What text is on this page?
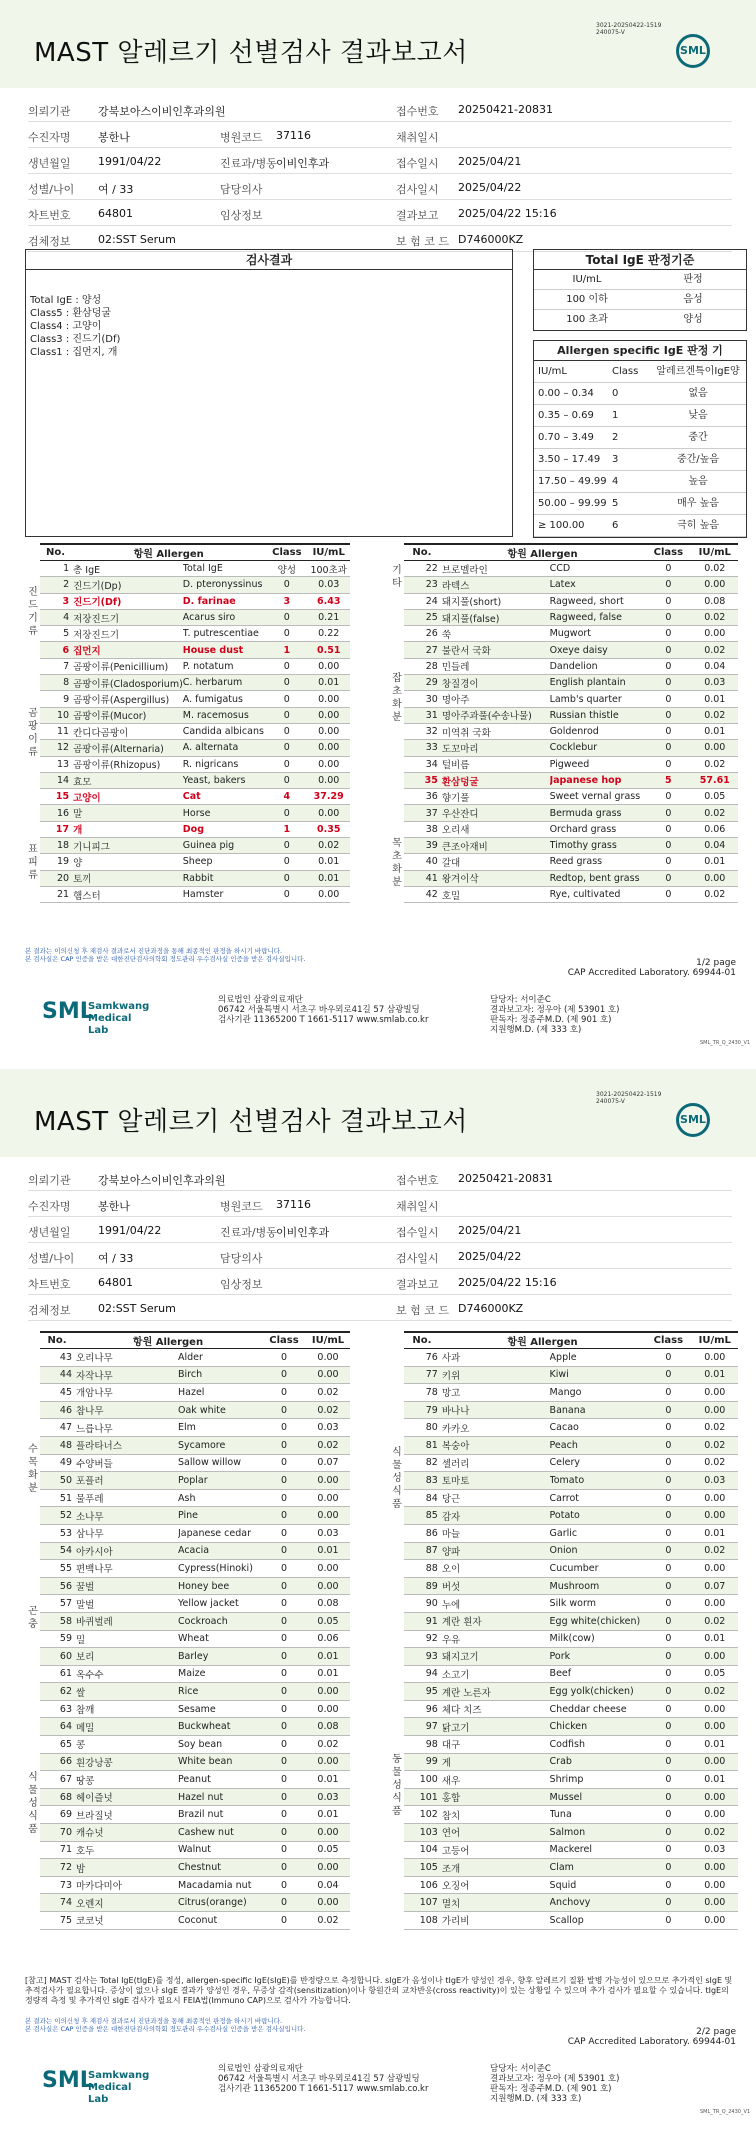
MAST 알레르기 선별검사 결과보고서
3021-20250422-1519
240075-V
SML
의뢰기관 강북보아스이비인후과의원	접수번호 20250421-20831
수진자명 봉한나	병원코드 37116	채취일시
생년월일 1991/04/22	진료과/병동 이비인후과	접수일시 2025/04/21
성별/나이 여 / 33	담당의사	검사일시 2025/04/22
차트번호 64801	임상정보	결과보고 2025/04/22 15:16
검체정보 02:SST Serum	보 험 코 드 D746000KZ
검사결과
Total IgE : 양성
Class5 : 환삼덩굴
Class4 : 고양이
Class3 : 진드기(Df)
Class1 : 집먼지, 개
Total IgE 판정기준
IU/mL	판정
100 이하	음성
100 초과	양성
Allergen specific IgE 판정 기
IU/mL	Class	알레르겐특이IgE양
0.00 – 0.34	0	없음
0.35 – 0.69	1	낮음
0.70 – 3.49	2	중간
3.50 – 17.49	3	중간/높음
17.50 – 49.99 4	높음
50.00 – 99.99 5	매우 높음
≥ 100.00	6	극히 높음
No.	항원 Allergen		Class	IU/mL
1	총 IgE	Total IgE	양성	100초과
2	진드기(Dp)	D. pteronyssinus	0	0.03
3	진드기(Df)	D. farinae	3	6.43
4	저장진드기	Acarus siro	0	0.21
5	저장진드기	T. putrescentiae	0	0.22
6	집먼지	House dust	1	0.51
7	곰팡이류(Penicillium)	P. notatum	0	0.00
8	곰팡이류(Cladosporium)	C. herbarum	0	0.01
9	곰팡이류(Aspergillus)	A. fumigatus	0	0.00
10	곰팡이류(Mucor)	M. racemosus	0	0.00
11	칸디다곰팡이	Candida albicans	0	0.00
12	곰팡이류(Alternaria)	A. alternata	0	0.00
13	곰팡이류(Rhizopus)	R. nigricans	0	0.00
14	효모	Yeast, bakers	0	0.00
15	고양이	Cat	4	37.29
16	말	Horse	0	0.00
17	개	Dog	1	0.35
18	기니피그	Guinea pig	0	0.02
19	양	Sheep	0	0.01
20	토끼	Rabbit	0	0.01
21	햄스터	Hamster	0	0.00
진
드
기
류
곰
팡
이
류
표
피
류
No.	항원 Allergen		Class	IU/mL
22	브로멜라인	CCD	0	0.02
23	라텍스	Latex	0	0.00
24	돼지풀(short)	Ragweed, short	0	0.08
25	돼지풀(false)	Ragweed, false	0	0.02
26	쑥	Mugwort	0	0.00
27	불란서 국화	Oxeye daisy	0	0.02
28	민들레	Dandelion	0	0.04
29	창질경이	English plantain	0	0.03
30	명아주	Lamb's quarter	0	0.01
31	명아주과풀(수송나물)	Russian thistle	0	0.02
32	미역취 국화	Goldenrod	0	0.01
33	도꼬마리	Cocklebur	0	0.00
34	털비름	Pigweed	0	0.02
35	환삼덩굴	Japanese hop	5	57.61
36	향기풀	Sweet vernal grass	0	0.05
37	우산잔디	Bermuda grass	0	0.02
38	오리새	Orchard grass	0	0.06
39	큰조아재비	Timothy grass	0	0.04
40	갈대	Reed grass	0	0.01
41	왕겨이삭	Redtop, bent grass	0	0.00
42	호밀	Rye, cultivated	0	0.02
기
타
잡
초
화
분
목
초
화
분
본 결과는 이의신청 후 재검사 결과로서 진단과정을 통해 최종적인 판정을 하시기 바랍니다.
본 검사실은 CAP 인증을 받은 대한진단검사의학회 정도관리 우수검사실 인증을 받은 검사실입니다.	1/2 page
CAP Accredited Laboratory. 69944-01
SML
Samkwang
Medical Lab
의료법인 삼광의료재단
06742 서울특별시 서초구 바우뫼로41길 57 삼광빌딩
검사기관 11365200 T 1661-5117 www.smlab.co.kr
담당자: 서이준C
결과보고자: 정우아 (제 53901 호)
판독자: 정종주M.D. (제 901 호)
지원행M.D. (제 333 호)
SML_TR_Q_2430_V1
MAST 알레르기 선별검사 결과보고서
3021-20250422-1519
240075-V
SML
의뢰기관 강북보아스이비인후과의원	접수번호 20250421-20831
수진자명 봉한나	병원코드 37116	채취일시
생년월일 1991/04/22	진료과/병동 이비인후과	접수일시 2025/04/21
성별/나이 여 / 33	담당의사	검사일시 2025/04/22
차트번호 64801	임상정보	결과보고 2025/04/22 15:16
검체정보 02:SST Serum	보 험 코 드 D746000KZ
No.	항원 Allergen		Class	IU/mL
43	오리나무	Alder	0	0.00
44	자작나무	Birch	0	0.00
45	개암나무	Hazel	0	0.02
46	참나무	Oak white	0	0.02
47	느릅나무	Elm	0	0.03
48	플라타너스	Sycamore	0	0.02
49	수양버들	Sallow willow	0	0.07
50	포플러	Poplar	0	0.00
51	물푸레	Ash	0	0.00
52	소나무	Pine	0	0.00
53	삼나무	Japanese cedar	0	0.03
54	아카시아	Acacia	0	0.01
55	편백나무	Cypress(Hinoki)	0	0.00
56	꿀벌	Honey bee	0	0.00
57	말벌	Yellow jacket	0	0.08
58	바퀴벌레	Cockroach	0	0.05
59	밀	Wheat	0	0.06
60	보리	Barley	0	0.01
61	옥수수	Maize	0	0.01
62	쌀	Rice	0	0.00
63	참깨	Sesame	0	0.00
64	메밀	Buckwheat	0	0.08
65	콩	Soy bean	0	0.02
66	흰강낭콩	White bean	0	0.00
67	땅콩	Peanut	0	0.01
68	헤이즐넛	Hazel nut	0	0.03
69	브라질넛	Brazil nut	0	0.01
70	캐슈넛	Cashew nut	0	0.00
71	호두	Walnut	0	0.05
72	밤	Chestnut	0	0.00
73	마카다미아	Macadamia nut	0	0.04
74	오렌지	Citrus(orange)	0	0.00
75	코코넛	Coconut	0	0.02
수
목
화
분
곤
충
식
물
성
식
품
No.	항원 Allergen		Class	IU/mL
76	사과	Apple	0	0.00
77	키위	Kiwi	0	0.01
78	망고	Mango	0	0.00
79	바나나	Banana	0	0.00
80	카카오	Cacao	0	0.02
81	복숭아	Peach	0	0.02
82	셀러리	Celery	0	0.02
83	토마토	Tomato	0	0.03
84	당근	Carrot	0	0.00
85	감자	Potato	0	0.00
86	마늘	Garlic	0	0.01
87	양파	Onion	0	0.02
88	오이	Cucumber	0	0.00
89	버섯	Mushroom	0	0.07
90	누에	Silk worm	0	0.00
91	계란 흰자	Egg white(chicken)	0	0.02
92	우유	Milk(cow)	0	0.01
93	돼지고기	Pork	0	0.00
94	소고기	Beef	0	0.05
95	계란 노른자	Egg yolk(chicken)	0	0.02
96	체다 치즈	Cheddar cheese	0	0.00
97	닭고기	Chicken	0	0.00
98	대구	Codfish	0	0.01
99	게	Crab	0	0.00
100	새우	Shrimp	0	0.01
101	홍합	Mussel	0	0.00
102	참치	Tuna	0	0.00
103	연어	Salmon	0	0.02
104	고등어	Mackerel	0	0.03
105	조개	Clam	0	0.00
106	오징어	Squid	0	0.00
107	멸치	Anchovy	0	0.00
108	가리비	Scallop	0	0.00
식
물
성
식
품
동
물
성
식
품
[참고] MAST 검사는 Total IgE(tIgE)를 정성, allergen-specific IgE(sIgE)를 반정량으로 측정합니다. sIgE가 음성이나 tIgE가 양성인 경우, 향후 알레르기 질환 발병 가능성이 있으므로 추가적인 sIgE 및 추적검사가 필요합니다. 증상이 없으나 sIgE 결과가 양성인 경우, 무증상 감작(sensitization)이나 항원간의 교차반응(cross reactivity)이 있는 상황일 수 있으며 추가 검사가 필요할 수 있습니다. tIgE의 정량적 측정 및 추가적인 sIgE 검사가 필요시 FEIA법(Immuno CAP)으로 검사가 가능합니다.
본 결과는 이의신청 후 재검사 결과로서 진단과정을 통해 최종적인 판정을 하시기 바랍니다.
본 검사실은 CAP 인증을 받은 대한진단검사의학회 정도관리 우수검사실 인증을 받은 검사실입니다.	2/2 page
CAP Accredited Laboratory. 69944-01
SML
Samkwang
Medical Lab
의료법인 삼광의료재단
06742 서울특별시 서초구 바우뫼로41길 57 삼광빌딩
검사기관 11365200 T 1661-5117 www.smlab.co.kr
담당자: 서이준C
결과보고자: 정우아 (제 53901 호)
판독자: 정종주M.D. (제 901 호)
지원행M.D. (제 333 호)
SML_TR_Q_2430_V1
